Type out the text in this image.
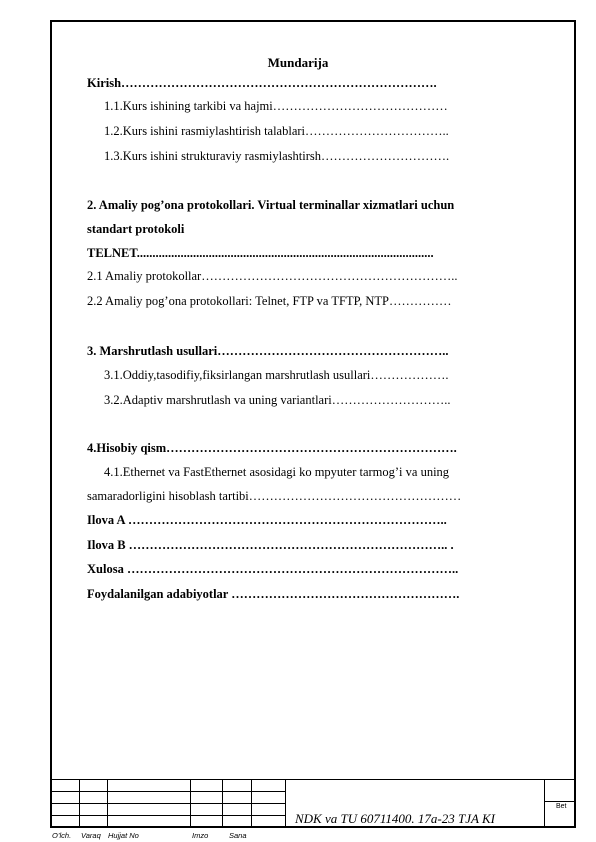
Mundarija
Kirish………………………………………………………………….
1.1.Kurs ishining tarkibi va hajmi……………………………………
1.2.Kurs ishini rasmiylashtirish talablari……………………………..
1.3.Kurs ishini strukturaviy rasmiylashtirsh………………………….
2. Amaliy pog’ona protokollari. Virtual terminallar xizmatlari uchun
standart protokoli
TELNET...............................................................................................
2.1 Amaliy protokollar……………………………………………………..
2.2 Amaliy pog’ona protokollari: Telnet, FTP va TFTP, NTP……………
3. Marshrutlash usullari………………………………………………..
3.1.Oddiy,tasodifiy,fiksirlangan marshrutlash usullari……………….
3.2.Adaptiv marshrutlash va uning variantlari………………………..
4.Hisobiy qism…………………………………………………………….
4.1.Ethernet va FastEthernet asosidagi ko mpyuter tarmog’i va uning
samaradorligini hisoblash tartibi……………………………………………
Ilova A …………………………………………………………………..
Ilova B ………………………………………………………………….. .
Xulosa ……………………………………………………………………..
Foydalanilgan adabiyotlar ……………………………………………….
NDK va TU 60711400. 17a-23 TJA KI
Bet
O’lch. Varaq Hujjat No	Imzo	Sana
